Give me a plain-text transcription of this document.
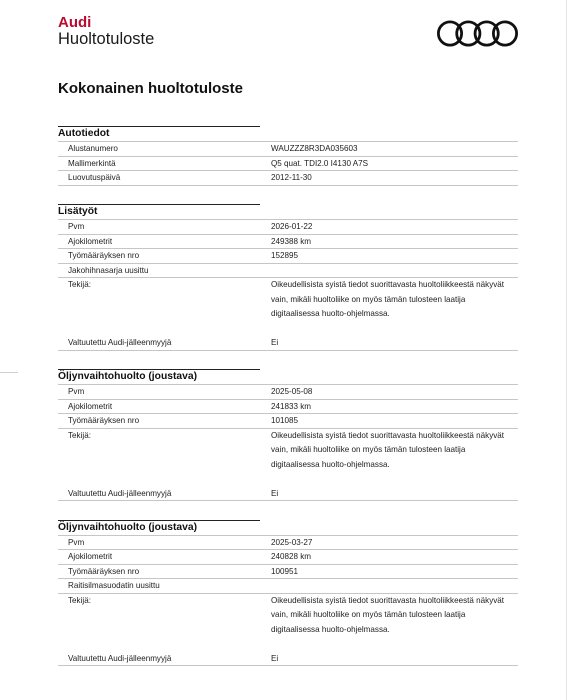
Audi
Huoltotuloste
Kokonainen huoltotuloste
Autotiedot
Alustanumero	WAUZZZ8R3DA035603
Mallimerkintä	Q5 quat. TDI2.0 I4130 A7S
Luovutuspäivä	2012-11-30
Lisätyöt
Pvm	2026-01-22
Ajokilometrit	249388 km
Työmääräyksen nro	152895
Jakohihnasarja uusittu
Tekijä:	Oikeudellisista syistä tiedot suorittavasta huoltoliikkeestä näkyvät
vain, mikäli huoltoliike on myös tämän tulosteen laatija
digitaalisessa huolto-ohjelmassa.
Valtuutettu Audi-jälleenmyyjä	Ei
Öljynvaihtohuolto (joustava)
Pvm	2025-05-08
Ajokilometrit	241833 km
Työmääräyksen nro	101085
Tekijä:	Oikeudellisista syistä tiedot suorittavasta huoltoliikkeestä näkyvät
vain, mikäli huoltoliike on myös tämän tulosteen laatija
digitaalisessa huolto-ohjelmassa.
Valtuutettu Audi-jälleenmyyjä	Ei
Öljynvaihtohuolto (joustava)
Pvm	2025-03-27
Ajokilometrit	240828 km
Työmääräyksen nro	100951
Raitisilmasuodatin uusittu
Tekijä:	Oikeudellisista syistä tiedot suorittavasta huoltoliikkeestä näkyvät
vain, mikäli huoltoliike on myös tämän tulosteen laatija
digitaalisessa huolto-ohjelmassa.
Valtuutettu Audi-jälleenmyyjä	Ei
